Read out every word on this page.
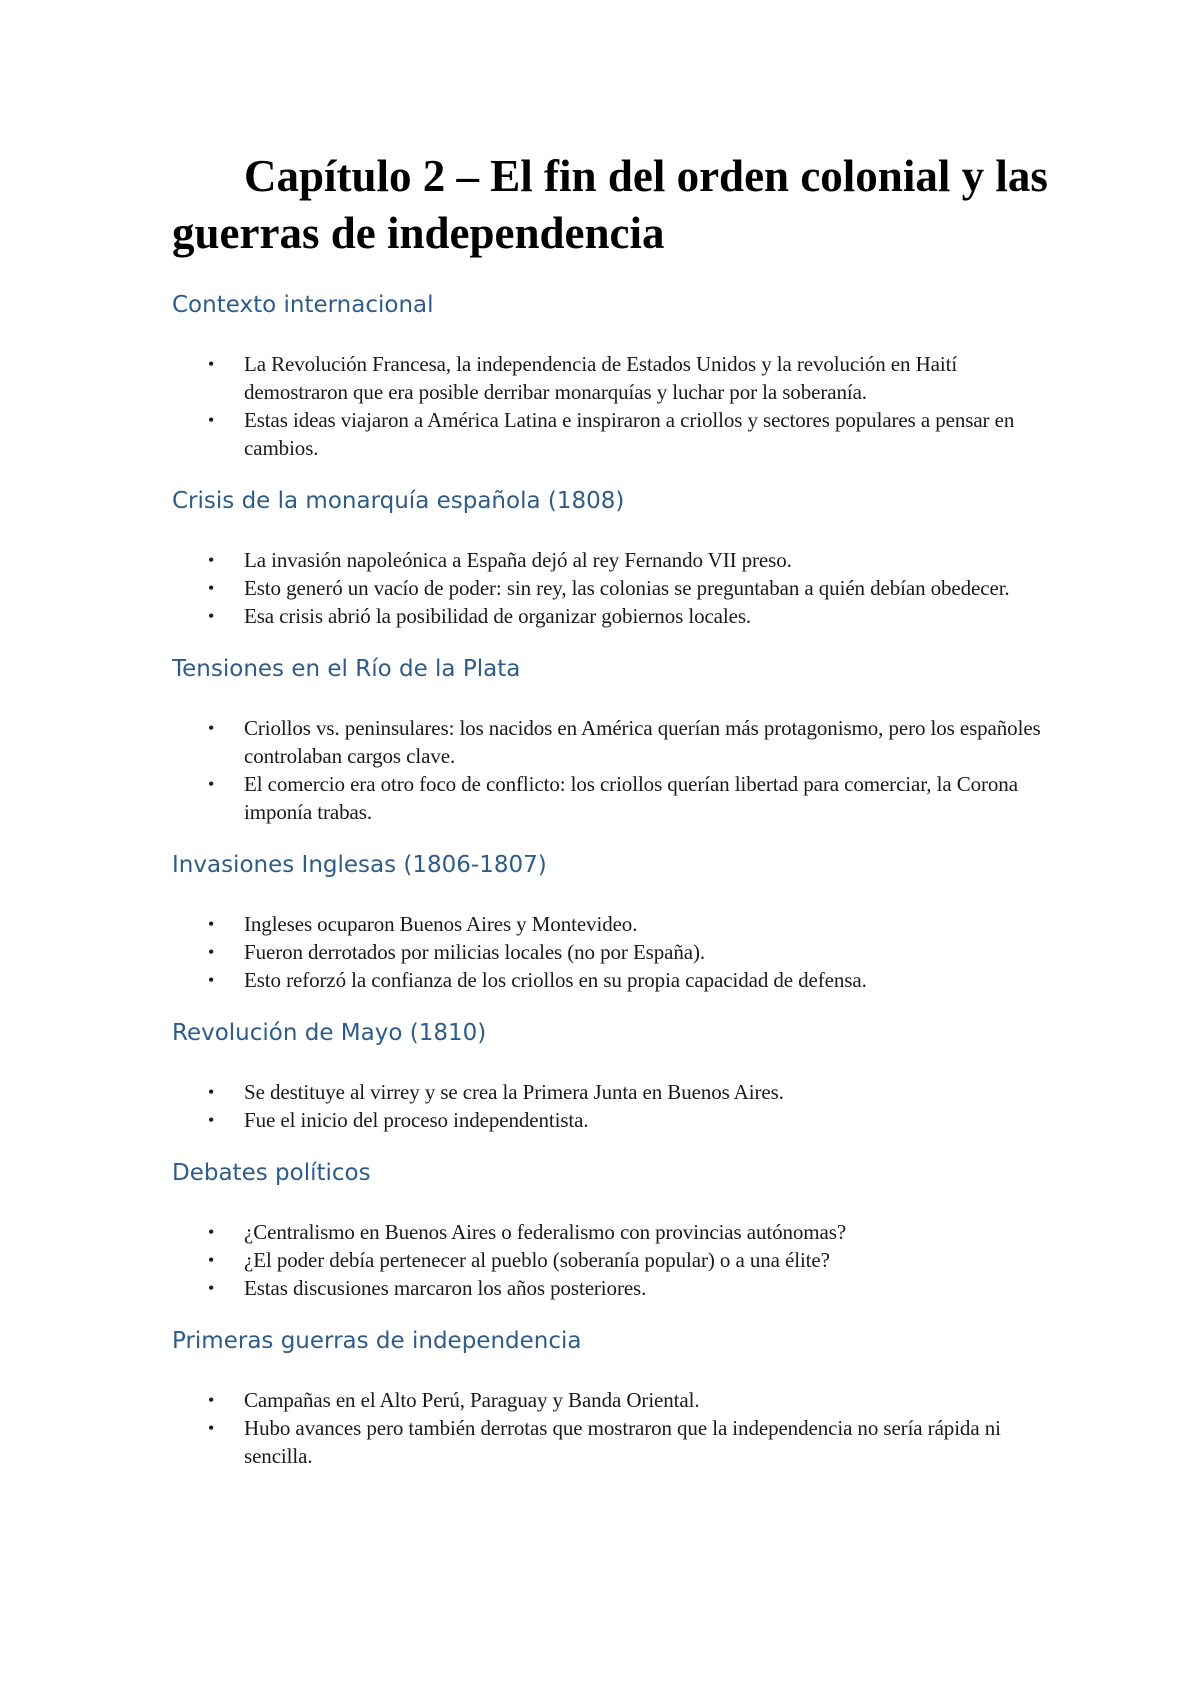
Capítulo 2 – El fin del orden colonial y las guerras de independencia
Contexto internacional
• La Revolución Francesa, la independencia de Estados Unidos y la revolución en Haití demostraron que era posible derribar monarquías y luchar por la soberanía.
• Estas ideas viajaron a América Latina e inspiraron a criollos y sectores populares a pensar en cambios.
Crisis de la monarquía española (1808)
• La invasión napoleónica a España dejó al rey Fernando VII preso.
• Esto generó un vacío de poder: sin rey, las colonias se preguntaban a quién debían obedecer.
• Esa crisis abrió la posibilidad de organizar gobiernos locales.
Tensiones en el Río de la Plata
• Criollos vs. peninsulares: los nacidos en América querían más protagonismo, pero los españoles controlaban cargos clave.
• El comercio era otro foco de conflicto: los criollos querían libertad para comerciar, la Corona imponía trabas.
Invasiones Inglesas (1806-1807)
• Ingleses ocuparon Buenos Aires y Montevideo.
• Fueron derrotados por milicias locales (no por España).
• Esto reforzó la confianza de los criollos en su propia capacidad de defensa.
Revolución de Mayo (1810)
• Se destituye al virrey y se crea la Primera Junta en Buenos Aires.
• Fue el inicio del proceso independentista.
Debates políticos
• ¿Centralismo en Buenos Aires o federalismo con provincias autónomas?
• ¿El poder debía pertenecer al pueblo (soberanía popular) o a una élite?
• Estas discusiones marcaron los años posteriores.
Primeras guerras de independencia
• Campañas en el Alto Perú, Paraguay y Banda Oriental.
• Hubo avances pero también derrotas que mostraron que la independencia no sería rápida ni sencilla.
